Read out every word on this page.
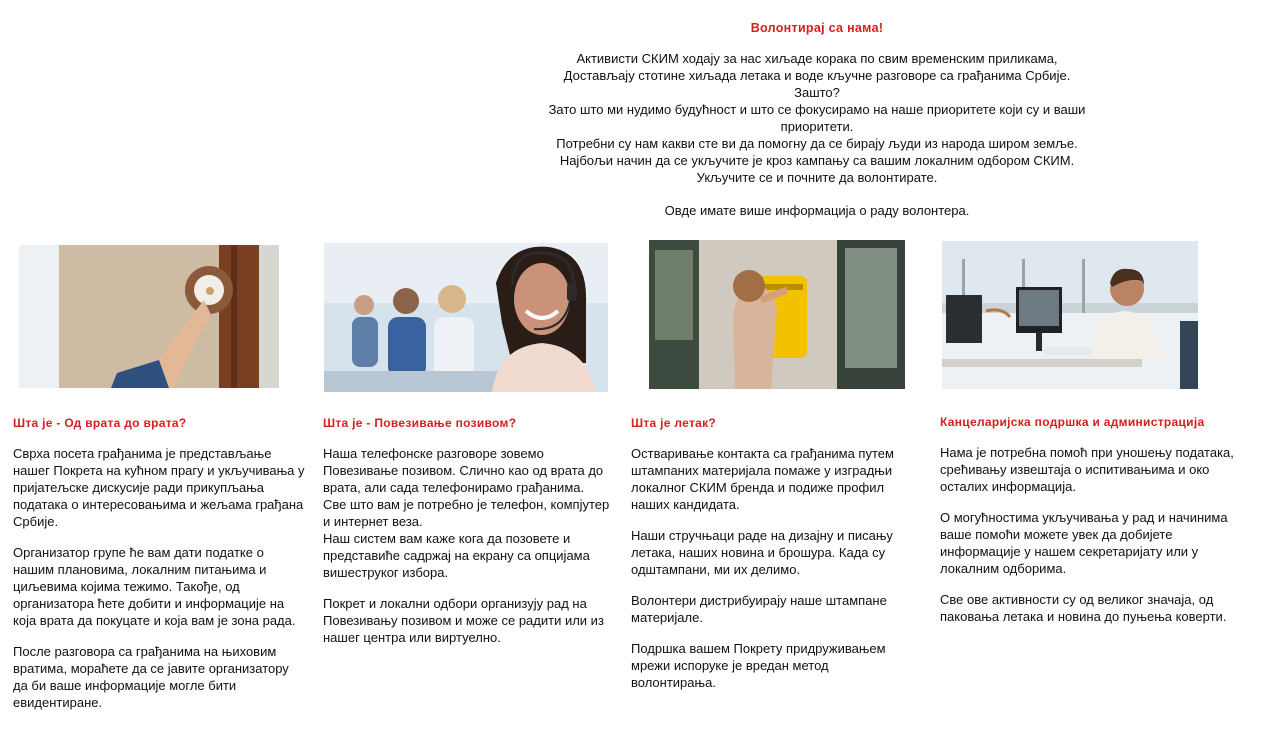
Волонтирај са нама!

Активисти СКИМ ходају за нас хиљаде корака по свим временским приликама,

Достављају стотине хиљада летака и воде кључне разговоре са грађанима Србије.

Зашто?

Зато што ми нудимо будућност и што се фокусирамо на наше приоритете који су и ваши приоритети.

Потребни су нам какви сте ви да помогну да се бирају људи из народа широм земље.

Најбољи начин да се укључите је кроз кампању са вашим локалним одбором СКИМ.

Укључите се и почните да волонтирате.

Овде имате више информација о раду волонтера.

Шта је - Од врата до врата?

Сврха посета грађанима је представљање нашег Покрета на кућном прагу и укључивања у пријатељске дискусије ради прикупљања података о интересовањима и жељама грађана Србије.

Организатор групе ће вам дати податке о нашим плановима, локалним питањима и циљевима којима тежимо. Такође, од организатора ћете добити и информације на која врата да покуцате и која вам је зона рада.

После разговора са грађанима на њиховим вратима, мораћете да се јавите организатору да би ваше информације могле бити евидентиране.

Шта је - Повезивање позивом?

Наша телефонске разговоре зовемо Повезивање позивом. Слично као од врата до врата, али сада телефонирамо грађанима.

Све што вам је потребно је телефон, компјутер и интернет веза.

Наш систем вам каже кога да позовете и представиће садржај на екрану са опцијама вишеструког избора.

Покрет и локални одбори организују рад на Повезивању позивом и може се радити или из нашег центра или виртуелно.

Шта је летак?

Остваривање контакта са грађанима путем штампаних материјала помаже у изградњи локалног СКИМ бренда и подиже профил наших кандидата.

Наши стручњаци раде на дизајну и писању летака, наших новина и брошура. Када су одштампани, ми их делимо.

Волонтери дистрибуирају наше штампане материјале.

Подршка вашем Покрету придруживањем мрежи испоруке је вредан метод волонтирања.

Канцеларијска подршка и администрација

Нама је потребна помоћ при уношењу података, срећивању извештаја о испитивањима и око осталих информација.

О могућностима укључивања у рад и начинима ваше помоћи можете увек да добијете информације у нашем секретаријату или у локалним одборима.

Све ове активности су од великог значаја, од паковања летака и новина до пуњења коверти.
